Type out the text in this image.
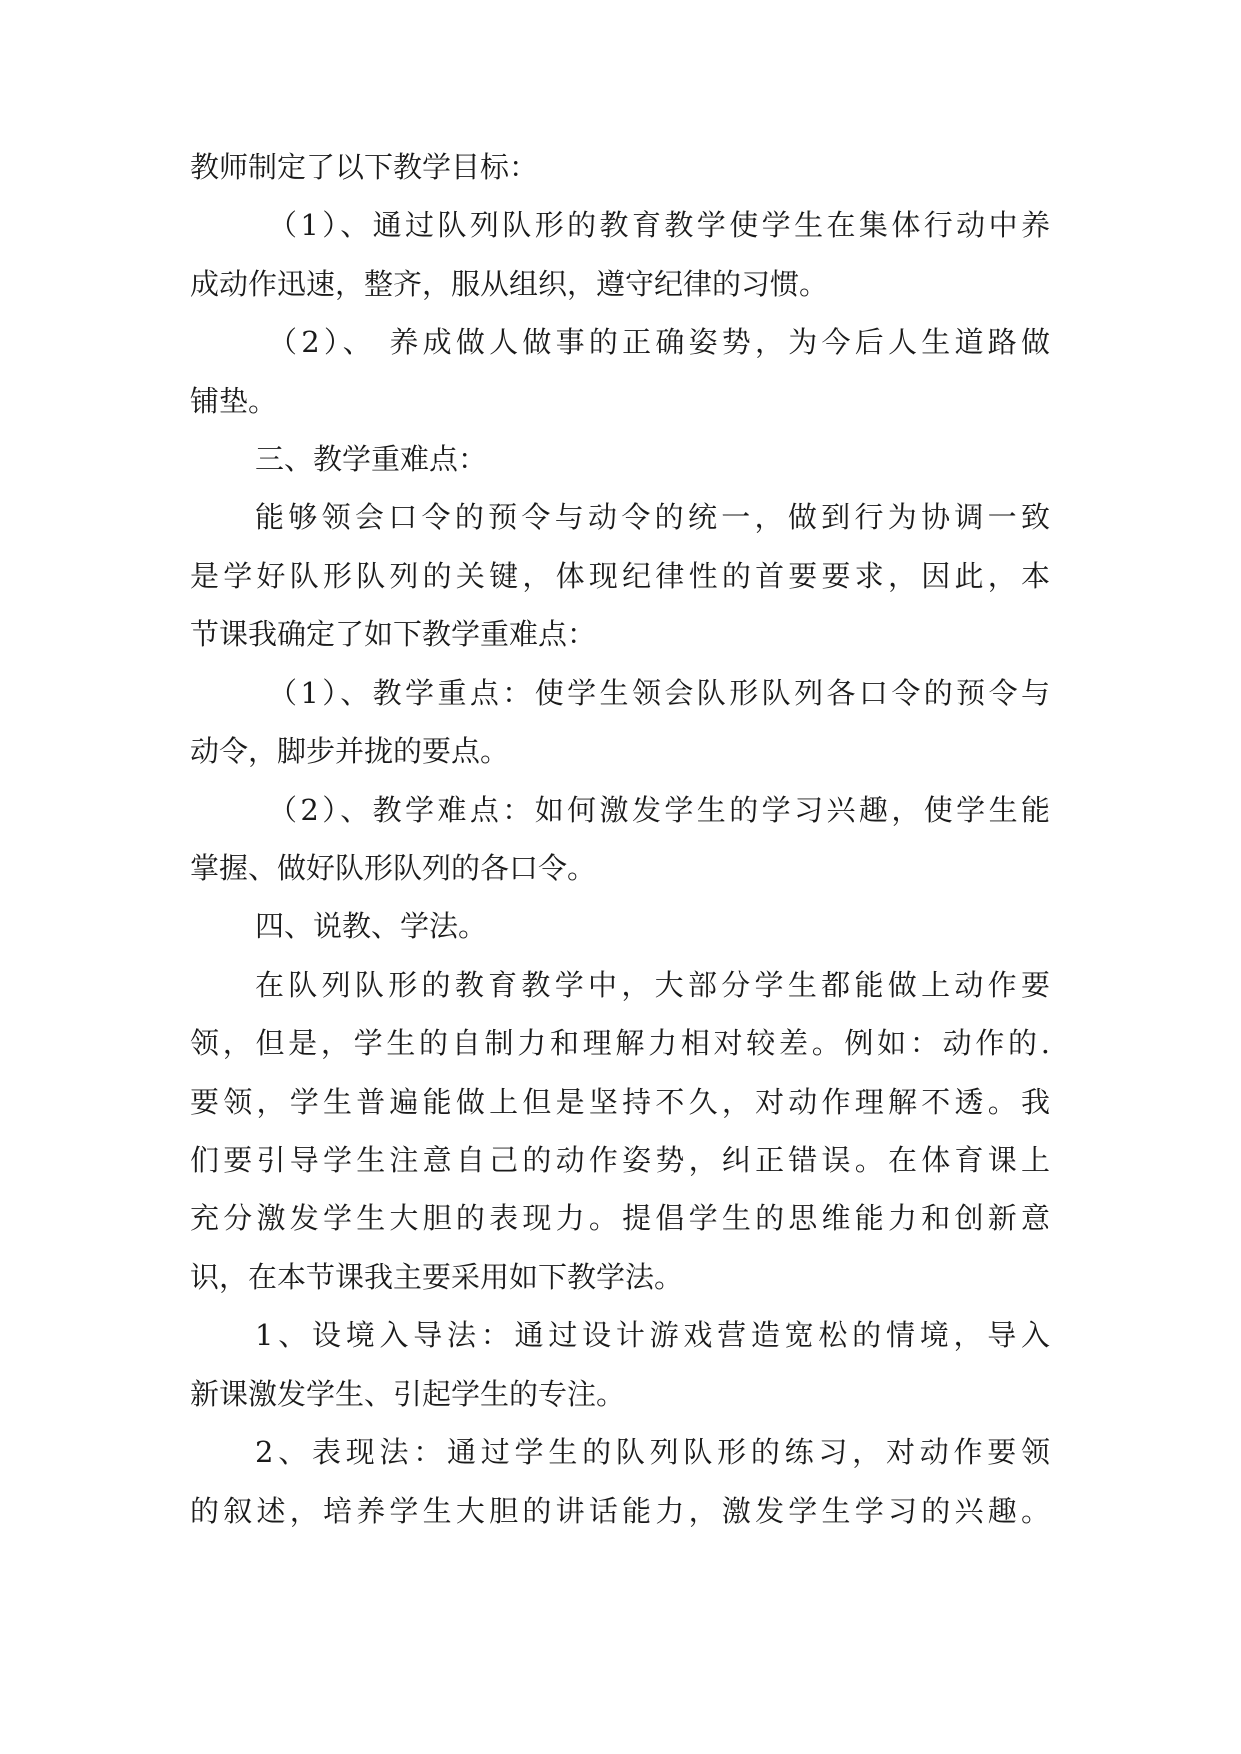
教师制定了以下教学目标：
（1）、通过队列队形的教育教学使学生在集体行动中养
成动作迅速，整齐，服从组织，遵守纪律的习惯。
（2）、 养成做人做事的正确姿势，为今后人生道路做
铺垫。
三、教学重难点：
能够领会口令的预令与动令的统一，做到行为协调一致
是学好队形队列的关键，体现纪律性的首要要求，因此，本
节课我确定了如下教学重难点：
（1）、教学重点：使学生领会队形队列各口令的预令与
动令，脚步并拢的要点。
（2）、教学难点：如何激发学生的学习兴趣，使学生能
掌握、做好队形队列的各口令。
四、说教、学法。
在队列队形的教育教学中，大部分学生都能做上动作要
领，但是，学生的自制力和理解力相对较差。例如：动作的.
要领，学生普遍能做上但是坚持不久，对动作理解不透。我
们要引导学生注意自己的动作姿势，纠正错误。在体育课上
充分激发学生大胆的表现力。提倡学生的思维能力和创新意
识，在本节课我主要采用如下教学法。
1、设境入导法：通过设计游戏营造宽松的情境，导入
新课激发学生、引起学生的专注。
2、表现法：通过学生的队列队形的练习，对动作要领
的叙述，培养学生大胆的讲话能力，激发学生学习的兴趣。
